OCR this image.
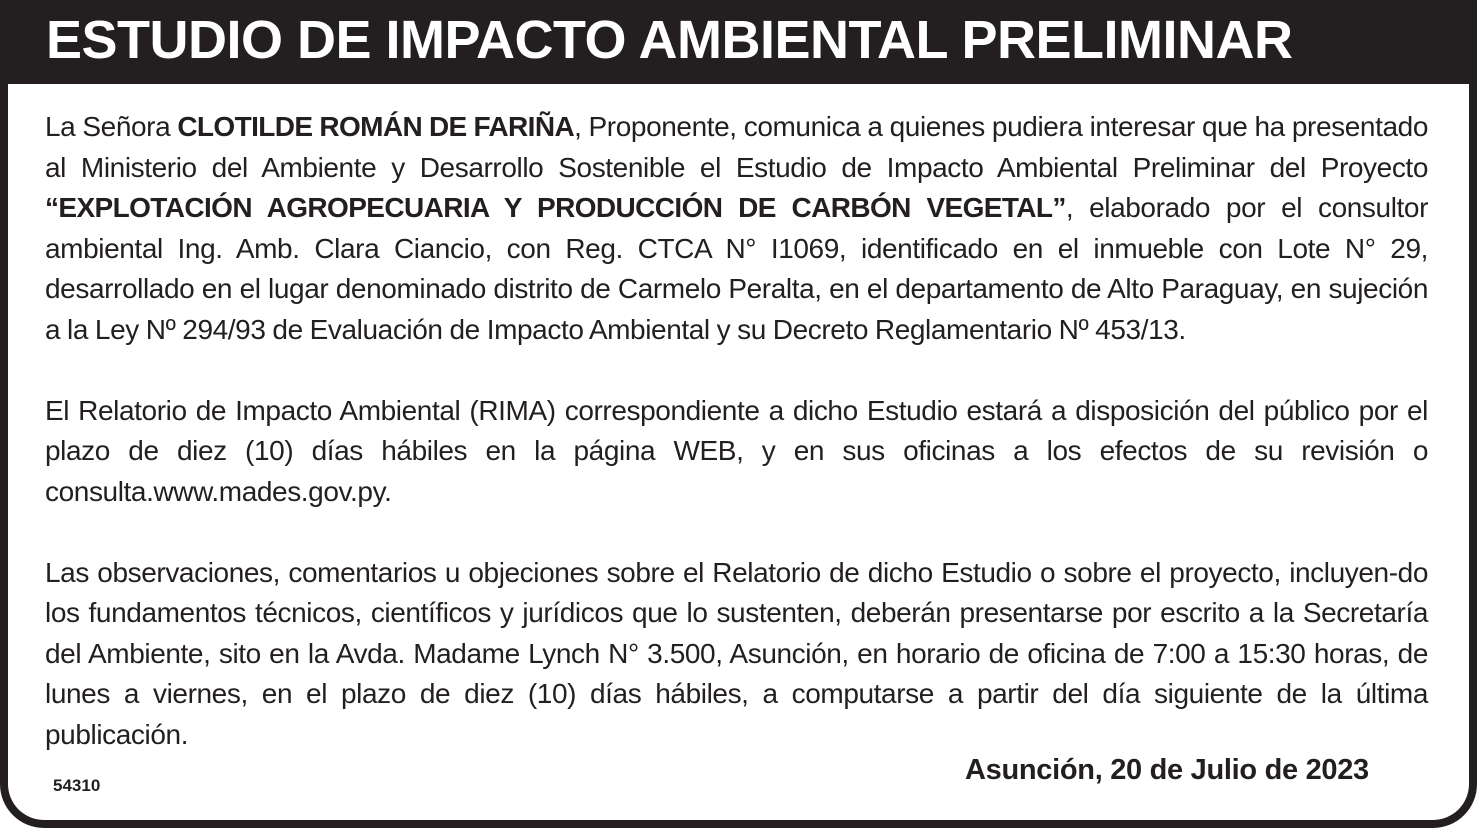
ESTUDIO DE IMPACTO AMBIENTAL PRELIMINAR

La Señora CLOTILDE ROMÁN DE FARIÑA, Proponente, comunica a quienes pudiera interesar que ha presentado al Ministerio del Ambiente y Desarrollo Sostenible el Estudio de Impacto Ambiental Preliminar del Proyecto “EXPLOTACIÓN AGROPECUARIA Y PRODUCCIÓN DE CARBÓN VEGETAL”, elaborado por el consultor ambiental Ing. Amb. Clara Ciancio, con Reg. CTCA N° I1069, identificado en el inmueble con Lote N° 29, desarrollado en el lugar denominado distrito de Carmelo Peralta, en el departamento de Alto Paraguay, en sujeción a la Ley Nº 294/93 de Evaluación de Impacto Ambiental y su Decreto Reglamentario Nº 453/13.

El Relatorio de Impacto Ambiental (RIMA) correspondiente a dicho Estudio estará a disposición del público por el plazo de diez (10) días hábiles en la página WEB, y en sus oficinas a los efectos de su revisión o consulta.www.mades.gov.py.

Las observaciones, comentarios u objeciones sobre el Relatorio de dicho Estudio o sobre el proyecto, incluyen-do los fundamentos técnicos, científicos y jurídicos que lo sustenten, deberán presentarse por escrito a la Secretaría del Ambiente, sito en la Avda. Madame Lynch N° 3.500, Asunción, en horario de oficina de 7:00 a 15:30 horas, de lunes a viernes, en el plazo de diez (10) días hábiles, a computarse a partir del día siguiente de la última publicación.

Asunción, 20 de Julio de 2023
54310
